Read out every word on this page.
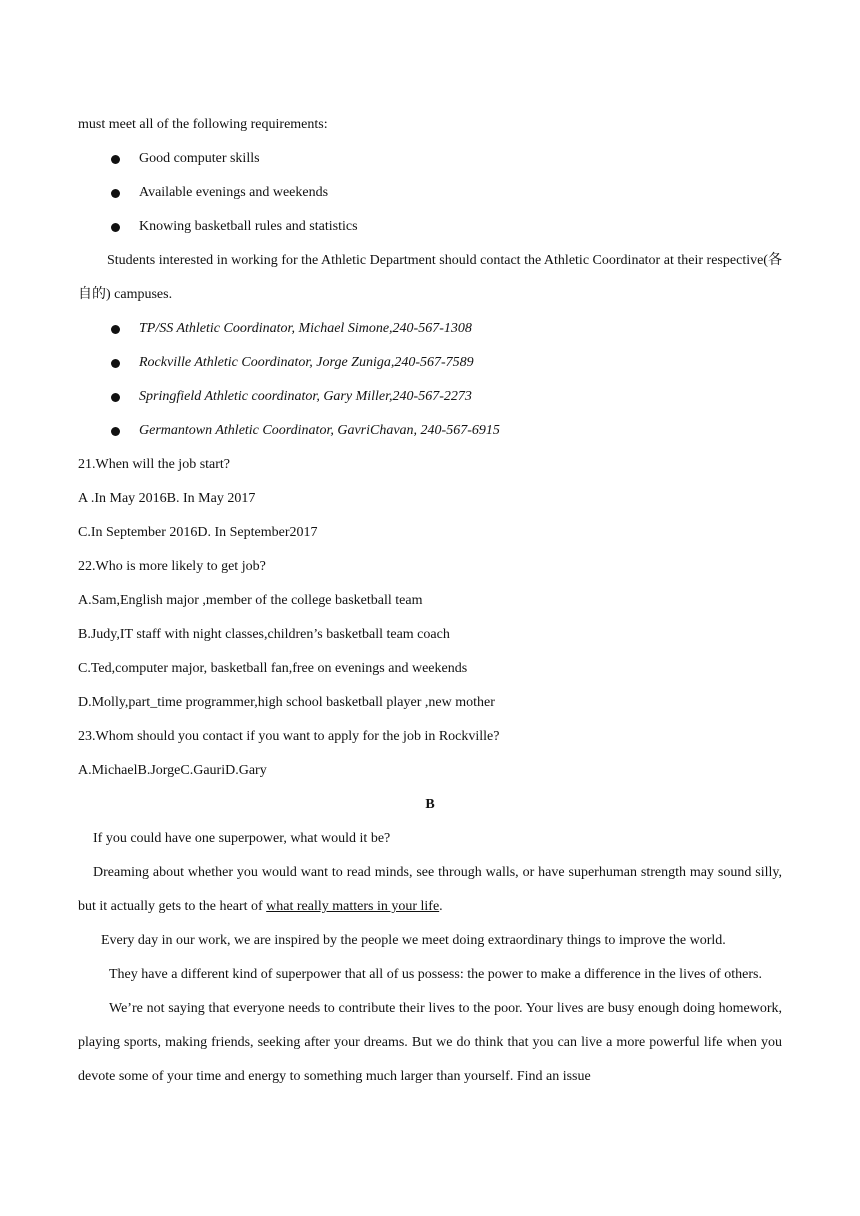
must meet all of the following requirements:
Good computer skills
Available evenings and weekends
Knowing basketball rules and statistics
Students interested in working for the Athletic Department should contact the Athletic Coordinator at their respective(各自的) campuses.
TP/SS Athletic Coordinator, Michael Simone,240-567-1308
Rockville Athletic Coordinator, Jorge Zuniga,240-567-7589
Springfield Athletic coordinator, Gary Miller,240-567-2273
Germantown Athletic Coordinator, GavriChavan, 240-567-6915
21.When will the job start?
A .In May 2016B. In May 2017
C.In September 2016D. In September2017
22.Who is more likely to get job?
A.Sam,English major ,member of the college basketball team
B.Judy,IT staff with night classes,children’s basketball team coach
C.Ted,computer major, basketball fan,free on evenings and weekends
D.Molly,part_time programmer,high school basketball player ,new mother
23.Whom should you contact if you want to apply for the job in Rockville?
A.MichaelB.JorgeC.GauriD.Gary
B
If you could have one superpower, what would it be?
Dreaming about whether you would want to read minds, see through walls, or have superhuman strength may sound silly, but it actually gets to the heart of what really matters in your life.
Every day in our work, we are inspired by the people we meet doing extraordinary things to improve the world.
They have a different kind of superpower that all of us possess: the power to make a difference in the lives of others.
We’re not saying that everyone needs to contribute their lives to the poor. Your lives are busy enough doing homework, playing sports, making friends, seeking after your dreams. But we do think that you can live a more powerful life when you devote some of your time and energy to something much larger than yourself. Find an issue
